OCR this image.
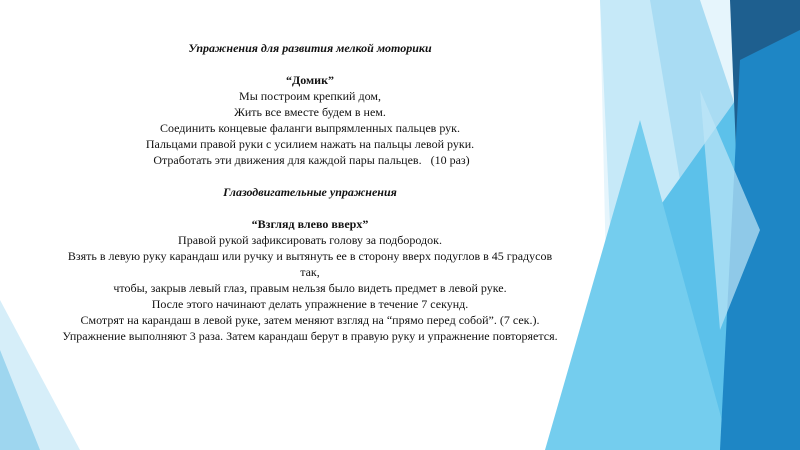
Упражнения для развития мелкой моторики
“Домик”
Мы построим крепкий дом,
Жить все вместе будем в нем.
Соединить концевые фаланги выпрямленных пальцев рук.
Пальцами правой руки с усилием нажать на пальцы левой руки.
Отработать эти движения для каждой пары пальцев.   (10 раз)
Глазодвигательные упражнения
“Взгляд влево вверх”
Правой рукой зафиксировать голову за подбородок.
Взять в левую руку карандаш или ручку и вытянуть ее в сторону вверх подуглов в 45 градусов
так,
чтобы, закрыв левый глаз, правым нельзя было видеть предмет в левой руке.
После этого начинают делать упражнение в течение 7 секунд.
Смотрят на карандаш в левой руке, затем меняют взгляд на “прямо перед собой”. (7 сек.).
Упражнение выполняют 3 раза. Затем карандаш берут в правую руку и упражнение повторяется.
